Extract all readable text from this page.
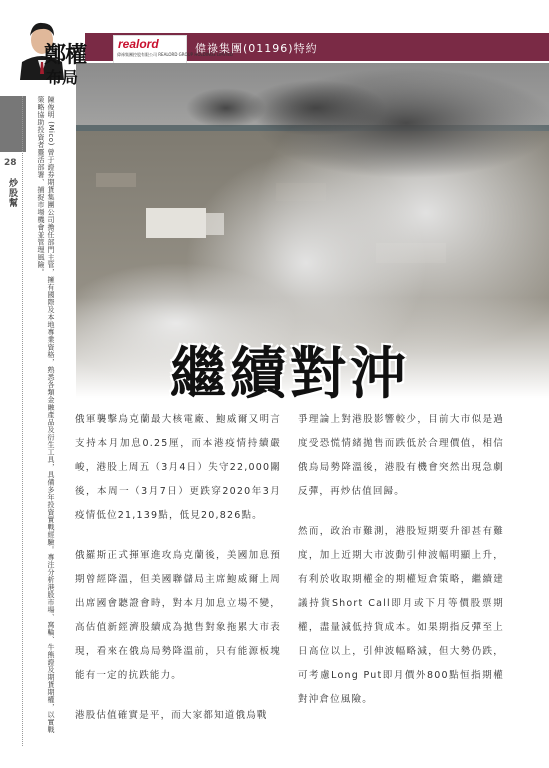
28
炒股幫
realord
偉祿集團控股有限公司 REALORD GROUP HOLDINGS LIMITED
偉祿集團(01196)特約
鄭權
布局
陳俊明 (Mico) 曾于證券期貨集團公司擔任部門主管，擁有國際及本地專業資格，熟悉各類金融產品及衍生工具，具備多年投資實戰經驗。專注分析港股市場、窩輪、牛熊證及期貨期權，以實戰策略協助投資者靈活部署、捕捉市場機會並管理風險。
繼續對沖

俄軍襲擊烏克蘭最大核電廠、鮑威爾又明言支持本月加息0.25厘，而本港疫情持續嚴峻，港股上周五（3月4日）失守22,000關後，本周一（3月7日）更跌穿2020年3月疫情低位21,139點，低見20,826點。

俄羅斯正式揮軍進攻烏克蘭後，美國加息預期曾經降溫，但美國聯儲局主席鮑威爾上周出席國會聽證會時，對本月加息立場不變，高估值新經濟股續成為拋售對象拖累大市表現，看來在俄烏局勢降溫前，只有能源板塊能有一定的抗跌能力。

港股估值確實是平，而大家都知道俄烏戰

爭理論上對港股影響較少，目前大市似是過度受恐慌情緒拋售而跌低於合理價值，相信俄烏局勢降溫後，港股有機會突然出現急劇反彈，再炒估值回歸。

然而，政治市難測，港股短期要升卻甚有難度，加上近期大市波動引伸波幅明顯上升，有利於收取期權金的期權短倉策略，繼續建議持貨Short Call即月或下月等價股票期權，盡量減低持貨成本。如果期指反彈至上日高位以上，引伸波幅略減，但大勢仍跌，可考慮Long Put即月價外800點恒指期權對沖倉位風險。
